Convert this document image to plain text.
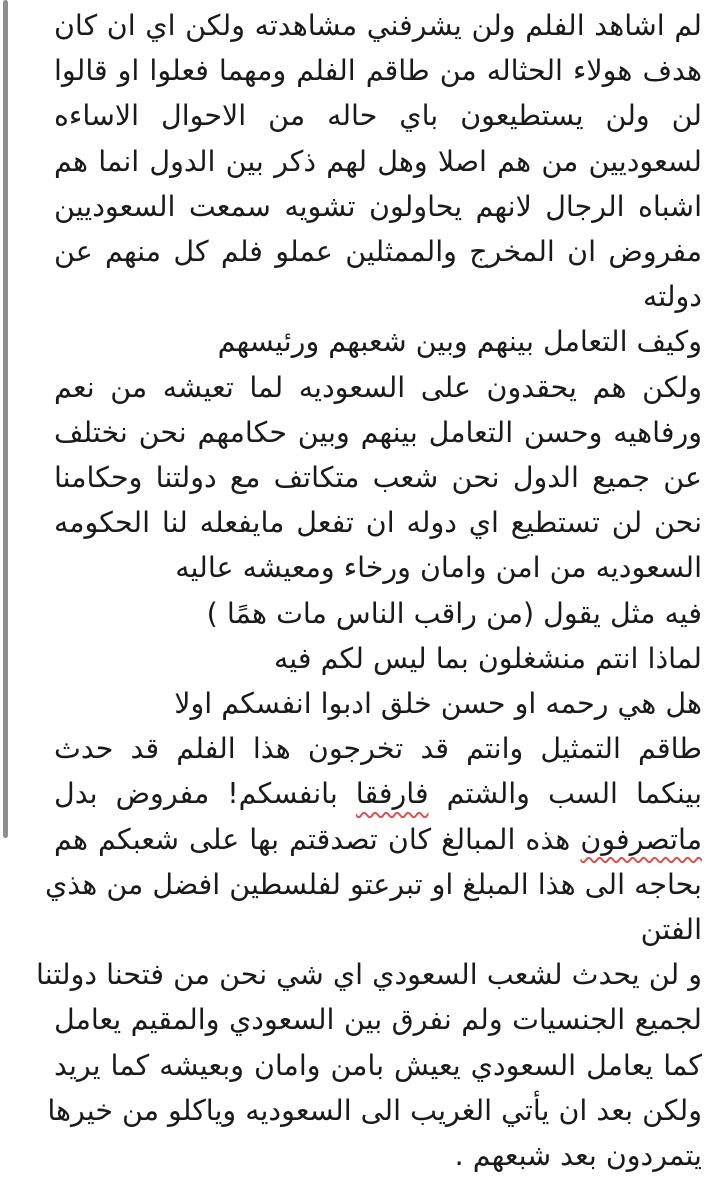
لم اشاهد الفلم ولن يشرفني مشاهدته ولكن اي ان كان
هدف هولاء الحثاله من طاقم الفلم ومهما فعلوا او قالوا
لن ولن يستطيعون باي حاله من الاحوال الاساءه
لسعوديين من هم اصلا وهل لهم ذكر بين الدول انما هم
اشباه الرجال لانهم يحاولون تشويه سمعت السعوديين
مفروض ان المخرج والممثلين عملو فلم كل منهم عن
دولته
وكيف التعامل بينهم وبين شعبهم ورئيسهم
ولكن هم يحقدون على السعوديه لما تعيشه من نعم
ورفاهيه وحسن التعامل بينهم وبين حكامهم نحن نختلف
عن جميع الدول نحن شعب متكاتف مع دولتنا وحكامنا
نحن لن تستطيع اي دوله ان تفعل مايفعله لنا الحكومه
السعوديه من امن وامان ورخاء ومعيشه عاليه
فيه مثل يقول (من راقب الناس مات همًا )
لماذا انتم منشغلون بما ليس لكم فيه
هل هي رحمه او حسن خلق ادبوا انفسكم اولا
طاقم التمثيل وانتم قد تخرجون هذا الفلم قد حدث
بينكما السب والشتم فارفقا بانفسكم! مفروض بدل
ماتصرفون هذه المبالغ كان تصدقتم بها على شعبكم هم
بحاجه الى هذا المبلغ او تبرعتو لفلسطين افضل من هذي
الفتن
و لن يحدث لشعب السعودي اي شي نحن من فتحنا دولتنا
لجميع الجنسيات ولم نفرق بين السعودي والمقيم يعامل
كما يعامل السعودي يعيش بامن وامان وبعيشه كما يريد
ولكن بعد ان يأتي الغريب الى السعوديه وياكلو من خيرها
يتمردون بعد شبعهم .
